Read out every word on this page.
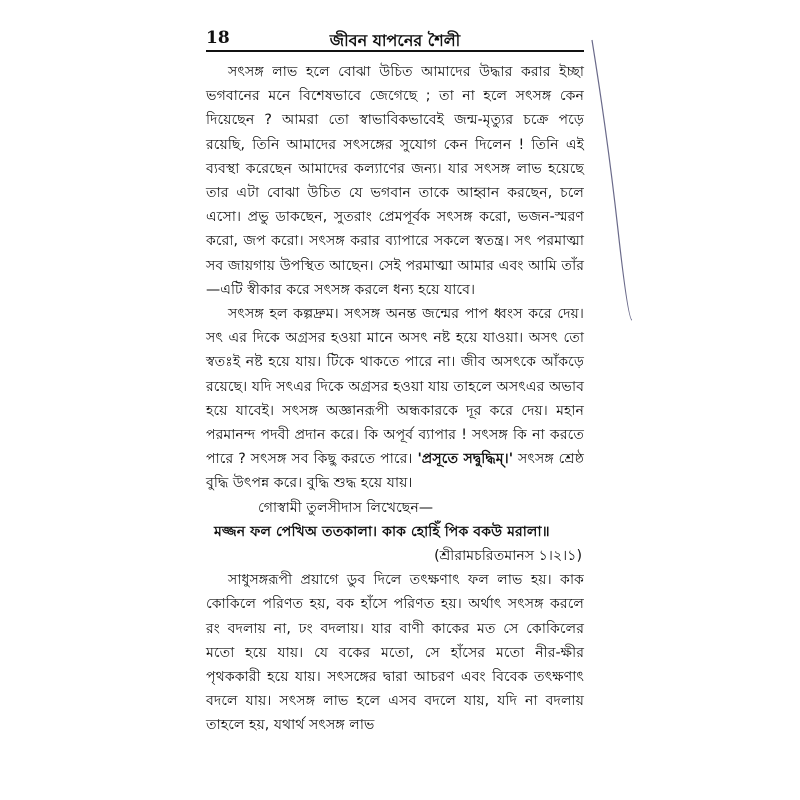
18	জীবন যাপনের শৈলী

সৎসঙ্গ লাভ হলে বোঝা উচিত আমাদের উদ্ধার করার ইচ্ছা ভগবানের মনে বিশেষভাবে জেগেছে ; তা না হলে সৎসঙ্গ কেন দিয়েছেন ? আমরা তো স্বাভাবিকভাবেই জন্ম-মৃত্যুর চক্রে পড়ে রয়েছি, তিনি আমাদের সৎসঙ্গের সুযোগ কেন দিলেন ! তিনি এই ব্যবস্থা করেছেন আমাদের কল্যাণের জন্য। যার সৎসঙ্গ লাভ হয়েছে তার এটা বোঝা উচিত যে ভগবান তাকে আহ্বান করছেন, চলে এসো। প্রভু ডাকছেন, সুতরাং প্রেমপূর্বক সৎসঙ্গ করো, ভজন-স্মরণ করো, জপ করো। সৎসঙ্গ করার ব্যাপারে সকলে স্বতন্ত্র। সৎ পরমাত্মা সব জায়গায় উপস্থিত আছেন। সেই পরমাত্মা আমার এবং আমি তাঁর—এটি স্বীকার করে সৎসঙ্গ করলে ধন্য হয়ে যাবে।

সৎসঙ্গ হল কল্পদ্রুম। সৎসঙ্গ অনন্ত জন্মের পাপ ধ্বংস করে দেয়। সৎ এর দিকে অগ্রসর হওয়া মানে অসৎ নষ্ট হয়ে যাওয়া। অসৎ তো স্বতঃই নষ্ট হয়ে যায়। টিকে থাকতে পারে না। জীব অসৎকে আঁকড়ে রয়েছে। যদি সৎএর দিকে অগ্রসর হওয়া যায় তাহলে অসৎএর অভাব হয়ে যাবেই। সৎসঙ্গ অজ্ঞানরূপী অন্ধকারকে দূর করে দেয়। মহান পরমানন্দ পদবী প্রদান করে। কি অপূর্ব ব্যাপার ! সৎসঙ্গ কি না করতে পারে ? সৎসঙ্গ সব কিছু করতে পারে। 'প্রসূতে সদ্বুদ্ধিম্।' সৎসঙ্গ শ্রেষ্ঠ বুদ্ধি উৎপন্ন করে। বুদ্ধি শুদ্ধ হয়ে যায়।

গোস্বামী তুলসীদাস লিখেছেন—

মজ্জন ফল পেখিঅ ততকালা। কাক হোহিঁ পিক বকউ মরালা॥
(শ্রীরামচরিতমানস ১।২।১)

সাধুসঙ্গরূপী প্রয়াগে ডুব দিলে তৎক্ষণাৎ ফল লাভ হয়। কাক কোকিলে পরিণত হয়, বক হাঁসে পরিণত হয়। অর্থাৎ সৎসঙ্গ করলে রং বদলায় না, ঢং বদলায়। যার বাণী কাকের মত সে কোকিলের মতো হয়ে যায়। যে বকের মতো, সে হাঁসের মতো নীর-ক্ষীর পৃথককারী হয়ে যায়। সৎসঙ্গের দ্বারা আচরণ এবং বিবেক তৎক্ষণাৎ বদলে যায়। সৎসঙ্গ লাভ হলে এসব বদলে যায়, যদি না বদলায় তাহলে হয়, যথার্থ সৎসঙ্গ লাভ
